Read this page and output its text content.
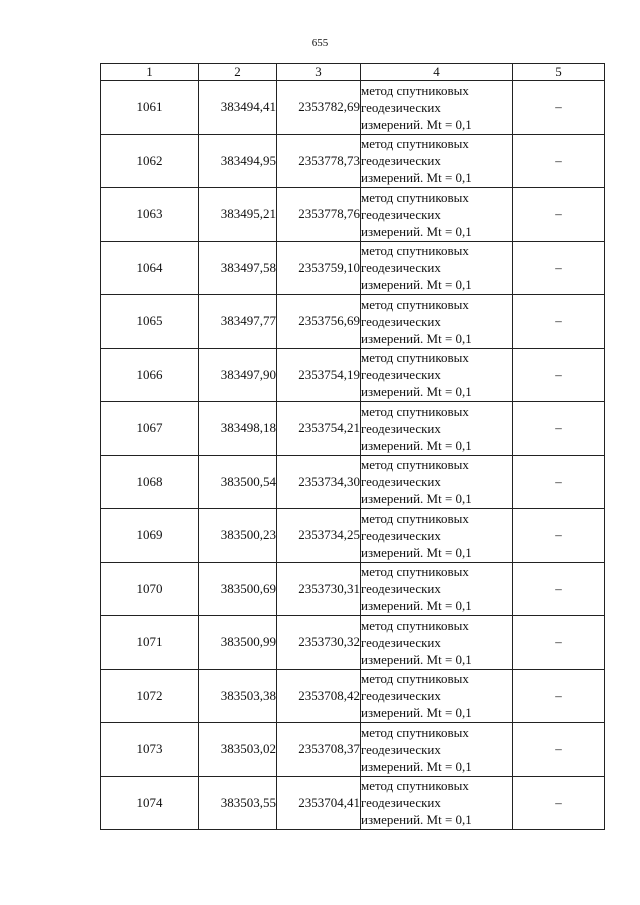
655
1	2	3	4	5
1061	383494,41	2353782,69	метод спутниковых
геодезических
измерений. Mt = 0,1	–
1062	383494,95	2353778,73	метод спутниковых
геодезических
измерений. Mt = 0,1	–
1063	383495,21	2353778,76	метод спутниковых
геодезических
измерений. Mt = 0,1	–
1064	383497,58	2353759,10	метод спутниковых
геодезических
измерений. Mt = 0,1	–
1065	383497,77	2353756,69	метод спутниковых
геодезических
измерений. Mt = 0,1	–
1066	383497,90	2353754,19	метод спутниковых
геодезических
измерений. Mt = 0,1	–
1067	383498,18	2353754,21	метод спутниковых
геодезических
измерений. Mt = 0,1	–
1068	383500,54	2353734,30	метод спутниковых
геодезических
измерений. Mt = 0,1	–
1069	383500,23	2353734,25	метод спутниковых
геодезических
измерений. Mt = 0,1	–
1070	383500,69	2353730,31	метод спутниковых
геодезических
измерений. Mt = 0,1	–
1071	383500,99	2353730,32	метод спутниковых
геодезических
измерений. Mt = 0,1	–
1072	383503,38	2353708,42	метод спутниковых
геодезических
измерений. Mt = 0,1	–
1073	383503,02	2353708,37	метод спутниковых
геодезических
измерений. Mt = 0,1	–
1074	383503,55	2353704,41	метод спутниковых
геодезических
измерений. Mt = 0,1	–
